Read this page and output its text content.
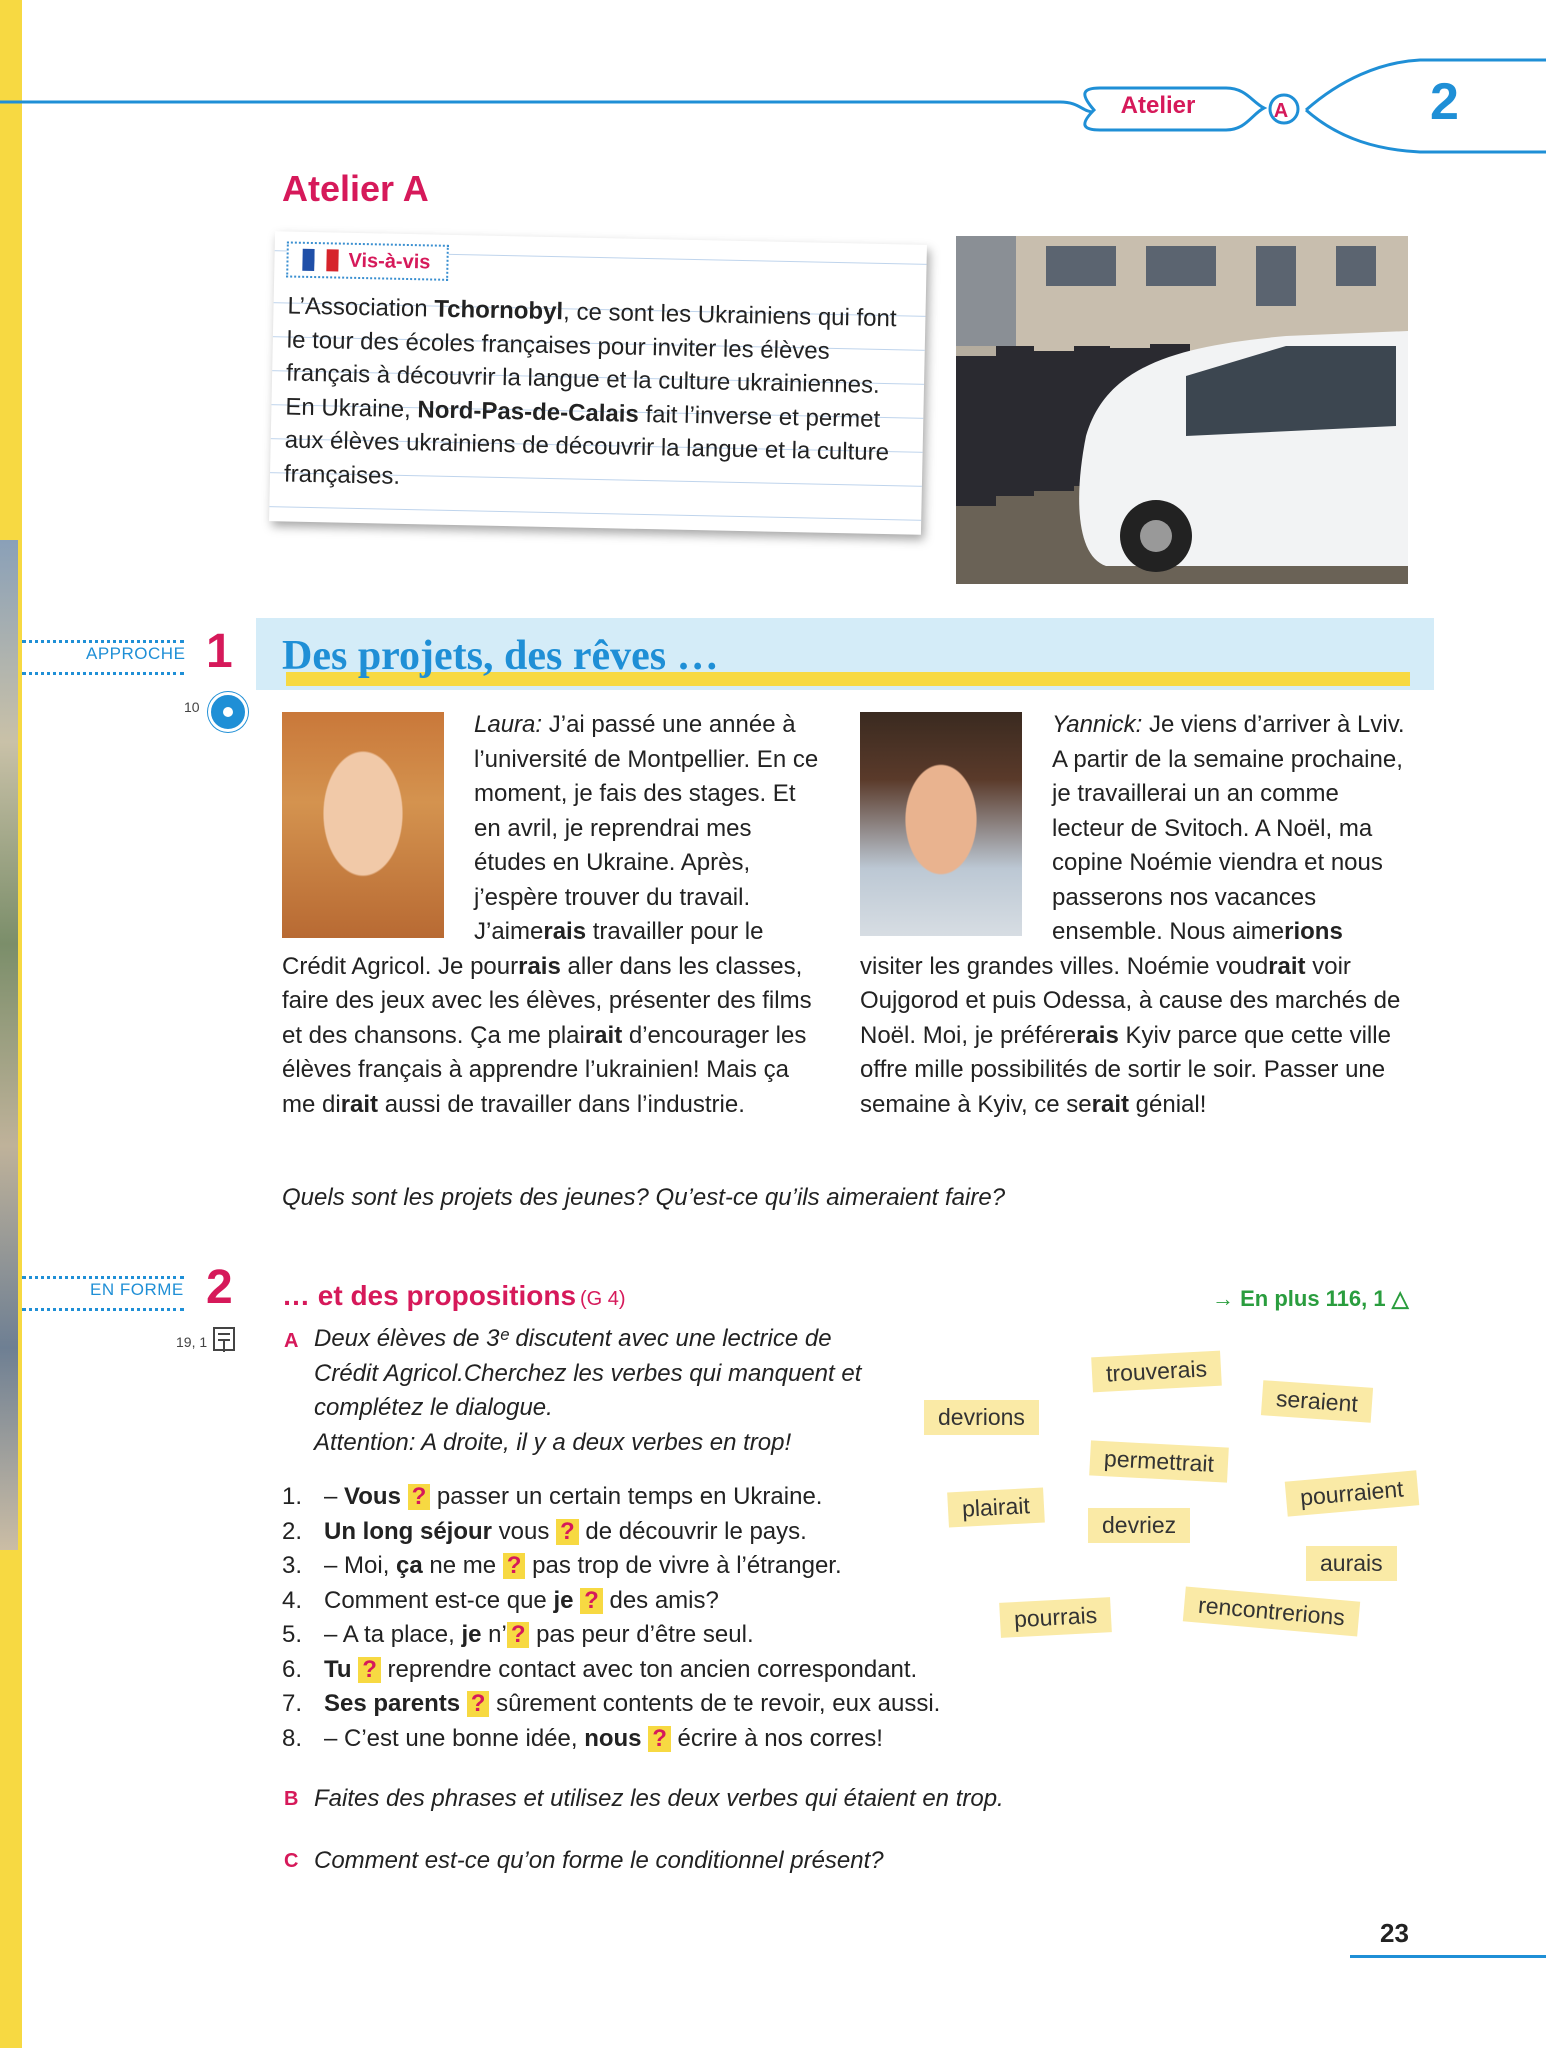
Atelier	A	2
Atelier A
Vis-à-vis
L’Association Tchornobyl, ce sont les Ukrainiens qui font le tour des écoles françaises pour inviter les élèves français à découvrir la langue et la culture ukrainiennes. En Ukraine, Nord-Pas-de-Calais fait l’inverse et permet aux élèves ukrainiens de découvrir la langue et la culture françaises.
APPROCHE 1 Des projets, des rêves …
10
Laura: J’ai passé une année à l’université de Montpellier. En ce moment, je fais des stages. Et en avril, je reprendrai mes études en Ukraine. Après, j’espère trouver du travail. J’aimerais travailler pour le Crédit Agricol. Je pourrais aller dans les classes, faire des jeux avec les élèves, présenter des films et des chansons. Ça me plairait d’encourager les élèves français à apprendre l’ukrainien! Mais ça me dirait aussi de travailler dans l’industrie.
Yannick: Je viens d’arriver à Lviv. A partir de la semaine prochaine, je travaillerai un an comme lecteur de Svitoch. A Noël, ma copine Noémie viendra et nous passerons nos vacances ensemble. Nous aimerions visiter les grandes villes. Noémie voudrait voir Oujgorod et puis Odessa, à cause des marchés de Noël. Moi, je préférerais Kyiv parce que cette ville offre mille possibilités de sortir le soir. Passer une semaine à Kyiv, ce serait génial!
Quels sont les projets des jeunes? Qu’est-ce qu’ils aimeraient faire?
EN FORME 2 … et des propositions (G 4)	→ En plus 116, 1 △
19, 1	A Deux élèves de 3ᵉ discutent avec une lectrice de
Crédit Agricol.Cherchez les verbes qui manquent et
complétez le dialogue.
Attention: A droite, il y a deux verbes en trop!
1. – Vous ? passer un certain temps en Ukraine.
2. Un long séjour vous ? de découvrir le pays.
3. – Moi, ça ne me ? pas trop de vivre à l’étranger.
4. Comment est-ce que je ? des amis?
5. – A ta place, je n’ ? pas peur d’être seul.
6. Tu ? reprendre contact avec ton ancien correspondant.
7. Ses parents ? sûrement contents de te revoir, eux aussi.
8. – C’est une bonne idée, nous ? écrire à nos corres!
trouverais
seraient
devrions
permettrait
plairait	pourraient
devriez
aurais
rencontrerions
pourrais
B Faites des phrases et utilisez les deux verbes qui étaient en trop.
C Comment est-ce qu’on forme le conditionnel présent?
23
